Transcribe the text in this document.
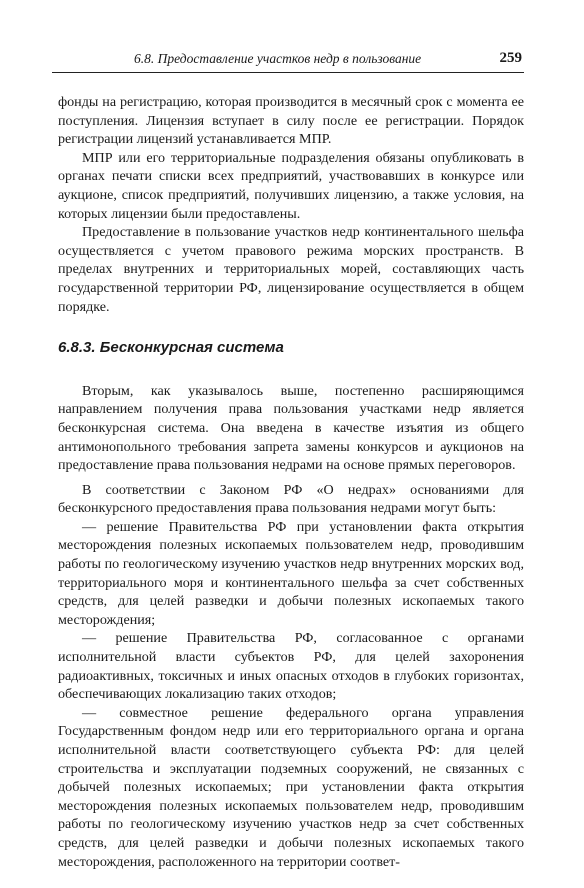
6.8. Предоставление участков недр в пользование	259

фонды на регистрацию, которая производится в месячный срок с момента ее поступления. Лицензия вступает в силу после ее регистрации. Порядок регистрации лицензий устанавливается МПР.

МПР или его территориальные подразделения обязаны опубликовать в органах печати списки всех предприятий, участвовавших в конкурсе или аукционе, список предприятий, получивших лицензию, а также условия, на которых лицензии были предоставлены.

Предоставление в пользование участков недр континентального шельфа осуществляется с учетом правового режима морских пространств. В пределах внутренних и территориальных морей, составляющих часть государственной территории РФ, лицензирование осуществляется в общем порядке.

6.8.3. Бесконкурсная система

Вторым, как указывалось выше, постепенно расширяющимся направлением получения права пользования участками недр является бесконкурсная система. Она введена в качестве изъятия из общего антимонопольного требования запрета замены конкурсов и аукционов на предоставление права пользования недрами на основе прямых переговоров.

В соответствии с Законом РФ «О недрах» основаниями для бесконкурсного предоставления права пользования недрами могут быть:

— решение Правительства РФ при установлении факта открытия месторождения полезных ископаемых пользователем недр, проводившим работы по геологическому изучению участков недр внутренних морских вод, территориального моря и континентального шельфа за счет собственных средств, для целей разведки и добычи полезных ископаемых такого месторождения;

— решение Правительства РФ, согласованное с органами исполнительной власти субъектов РФ, для целей захоронения радиоактивных, токсичных и иных опасных отходов в глубоких горизонтах, обеспечивающих локализацию таких отходов;

— совместное решение федерального органа управления Государственным фондом недр или его территориального органа и органа исполнительной власти соответствующего субъекта РФ: для целей строительства и эксплуатации подземных сооружений, не связанных с добычей полезных ископаемых; при установлении факта открытия месторождения полезных ископаемых пользователем недр, проводившим работы по геологическому изучению участков недр за счет собственных средств, для целей разведки и добычи полезных ископаемых такого месторождения, расположенного на территории соответ-
